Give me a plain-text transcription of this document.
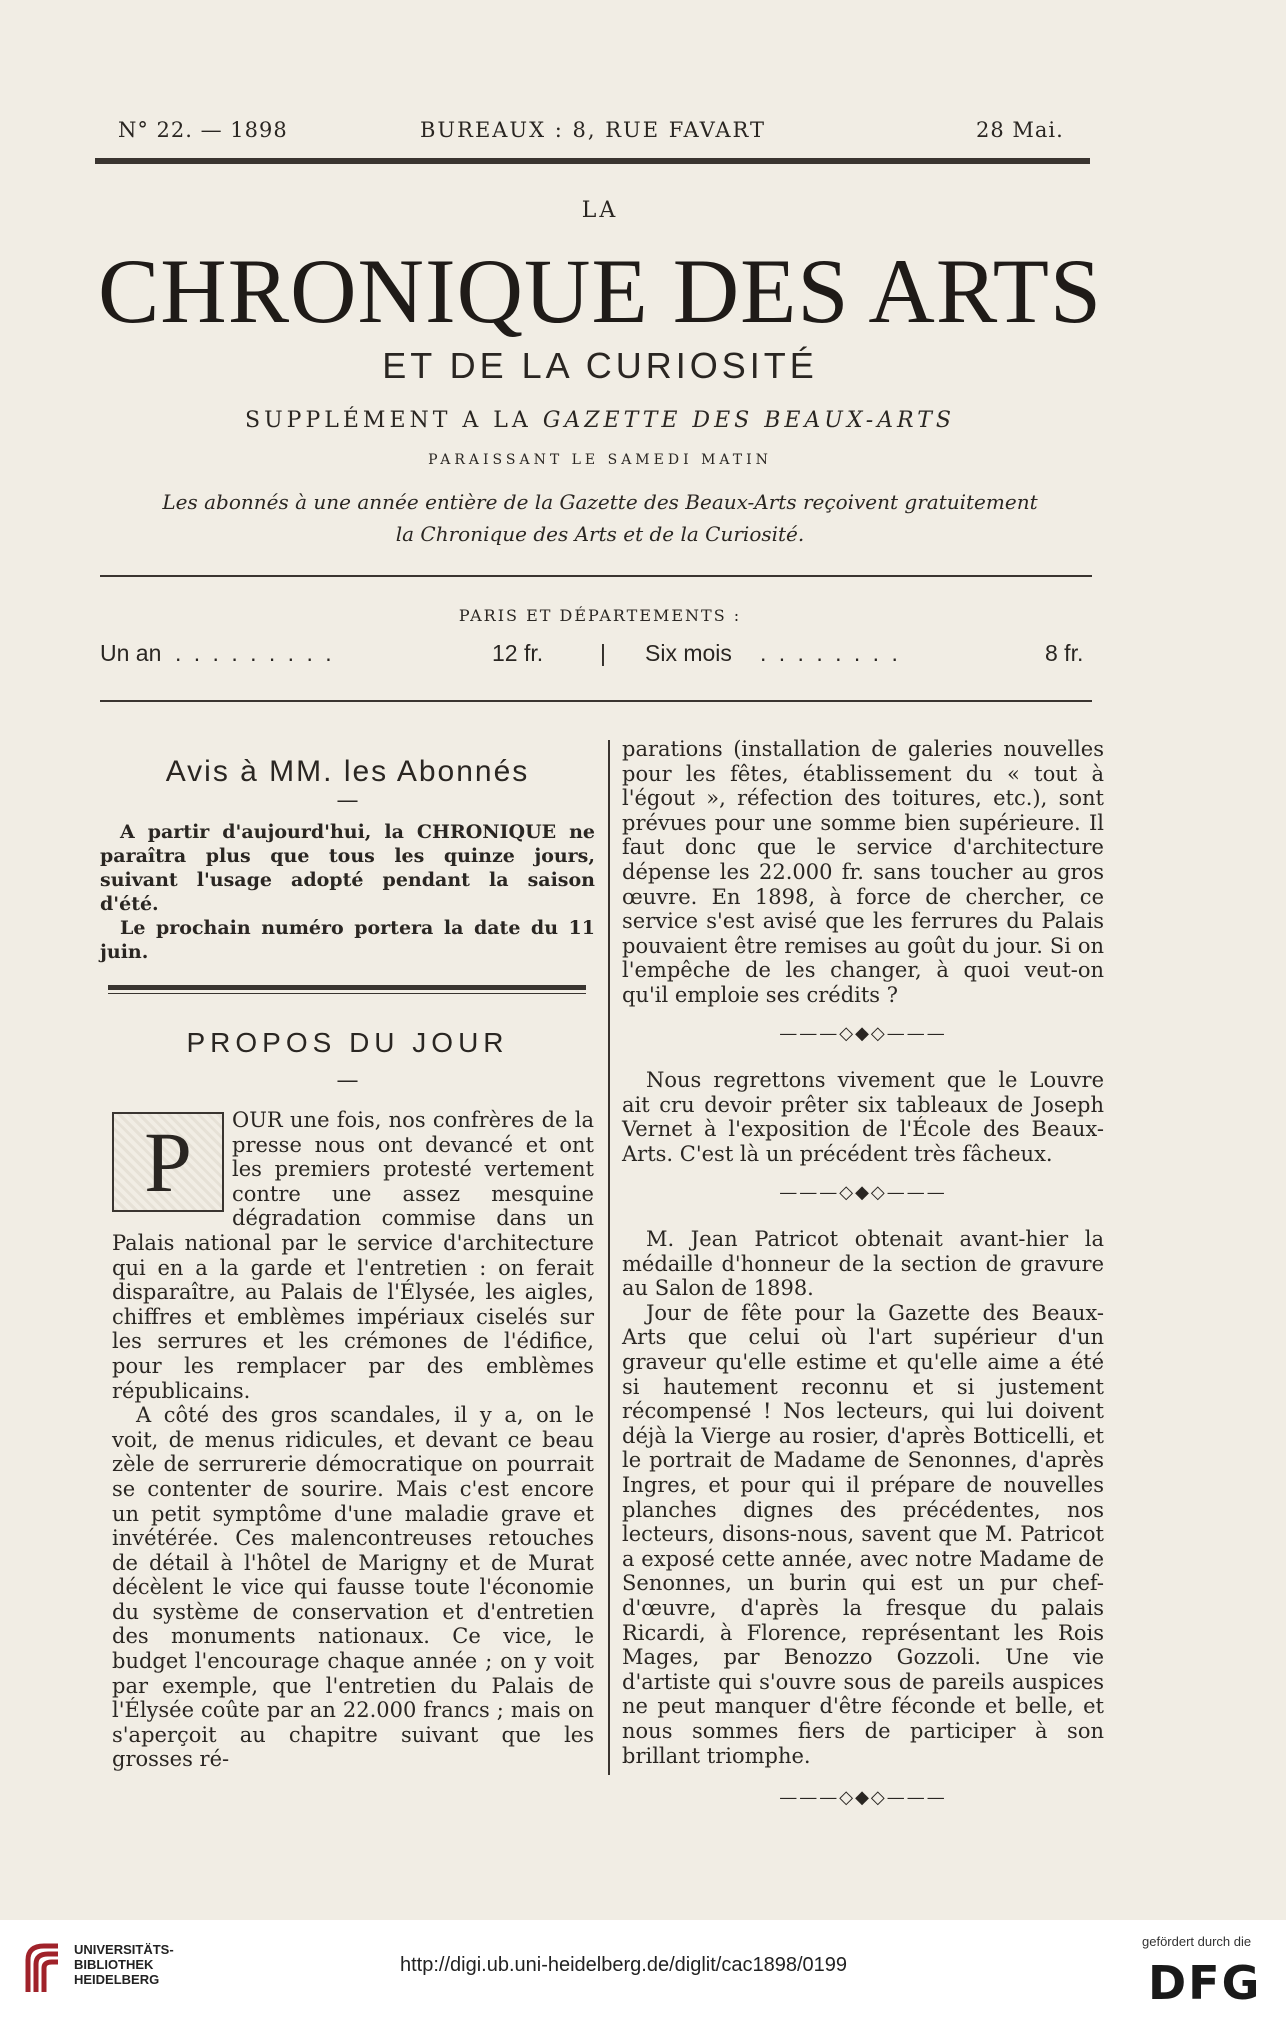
N° 22. — 1898	BUREAUX : 8, RUE FAVART	28 Mai.
LA
CHRONIQUE DES ARTS
ET DE LA CURIOSITÉ
SUPPLÉMENT A LA GAZETTE DES BEAUX-ARTS
PARAISSANT LE SAMEDI MATIN
Les abonnés à une année entière de la Gazette des Beaux-Arts reçoivent gratuitement
la Chronique des Arts et de la Curiosité.
PARIS ET DÉPARTEMENTS :
Un an . . . . . . . . .	12 fr. | Six mois . . . . . . . .	8 fr.
Avis à MM. les Abonnés
—

A partir d'aujourd'hui, la CHRONIQUE ne paraîtra plus que tous les quinze jours, suivant l'usage adopté pendant la saison d'été.

Le prochain numéro portera la date du 11 juin.

PROPOS DU JOUR
—

P	OUR une fois, nos confrères de la presse nous ont devancé et ont les premiers protesté vertement contre une assez mesquine dégradation commise dans un Palais national par le service d'architecture qui en a la garde et l'entretien : on ferait disparaître, au Palais de l'Élysée, les aigles, chiffres et emblèmes impériaux ciselés sur les serrures et les crémones de l'édifice, pour les remplacer par des emblèmes républicains.

A côté des gros scandales, il y a, on le voit, de menus ridicules, et devant ce beau zèle de serrurerie démocratique on pourrait se contenter de sourire. Mais c'est encore un petit symptôme d'une maladie grave et invétérée. Ces malencontreuses retouches de détail à l'hôtel de Marigny et de Murat décèlent le vice qui fausse toute l'économie du système de conservation et d'entretien des monuments nationaux. Ce vice, le budget l'encourage chaque année ; on y voit par exemple, que l'entretien du Palais de l'Élysée coûte par an 22.000 francs ; mais on s'aperçoit au chapitre suivant que les grosses ré-

parations (installation de galeries nouvelles pour les fêtes, établissement du « tout à l'égout », réfection des toitures, etc.), sont prévues pour une somme bien supérieure. Il faut donc que le service d'architecture dépense les 22.000 fr. sans toucher au gros œuvre. En 1898, à force de chercher, ce service s'est avisé que les ferrures du Palais pouvaient être remises au goût du jour. Si on l'empêche de les changer, à quoi veut-on qu'il emploie ses crédits ?

———◇◆◇———

Nous regrettons vivement que le Louvre ait cru devoir prêter six tableaux de Joseph Vernet à l'exposition de l'École des Beaux-Arts. C'est là un précédent très fâcheux.

———◇◆◇———

M. Jean Patricot obtenait avant-hier la médaille d'honneur de la section de gravure au Salon de 1898.

Jour de fête pour la Gazette des Beaux-Arts que celui où l'art supérieur d'un graveur qu'elle estime et qu'elle aime a été si hautement reconnu et si justement récompensé ! Nos lecteurs, qui lui doivent déjà la Vierge au rosier, d'après Botticelli, et le portrait de Madame de Senonnes, d'après Ingres, et pour qui il prépare de nouvelles planches dignes des précédentes, nos lecteurs, disons-nous, savent que M. Patricot a exposé cette année, avec notre Madame de Senonnes, un burin qui est un pur chef-d'œuvre, d'après la fresque du palais Ricardi, à Florence, représentant les Rois Mages, par Benozzo Gozzoli. Une vie d'artiste qui s'ouvre sous de pareils auspices ne peut manquer d'être féconde et belle, et nous sommes fiers de participer à son brillant triomphe.

———◇◆◇———
UNIVERSITÄTS-
BIBLIOTHEK
HEIDELBERG
http://digi.ub.uni-heidelberg.de/diglit/cac1898/0199
gefördert durch die
DFG
